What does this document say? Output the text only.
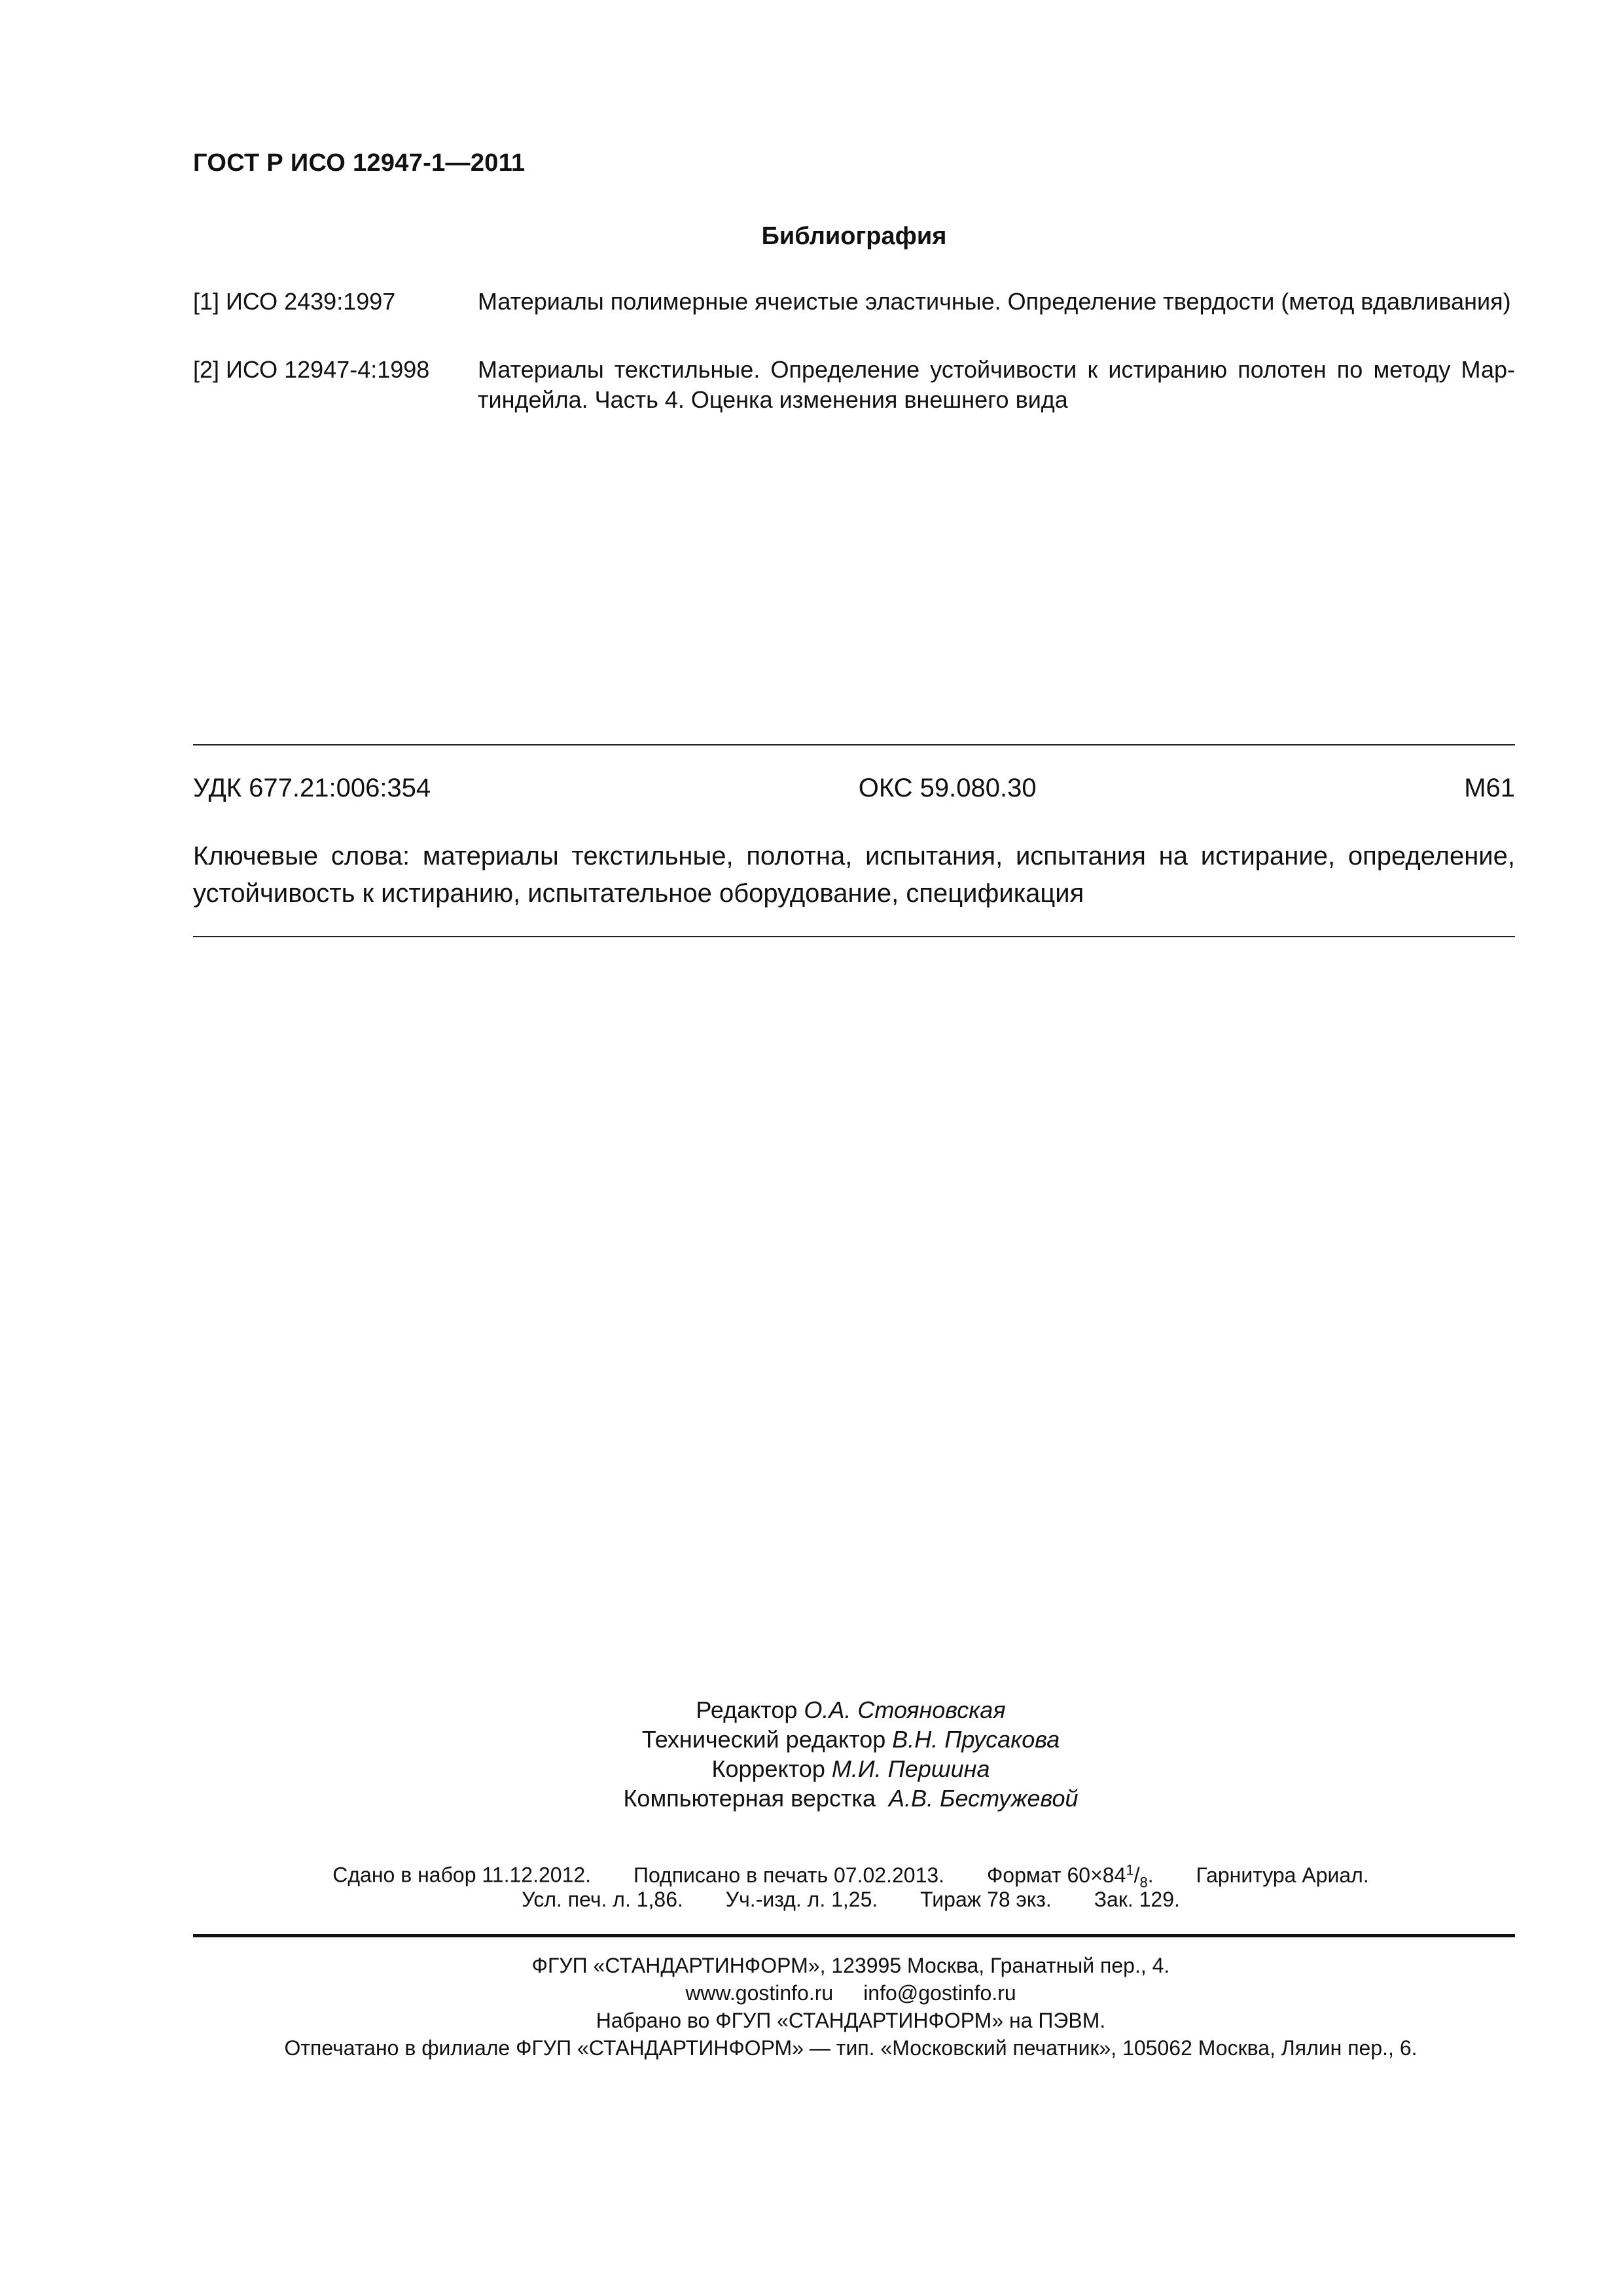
ГОСТ Р ИСО 12947-1—2011
Библиография
[1] ИСО 2439:1997	Материалы полимерные ячеистые эластичные. Определение твердости (метод вдавливания)
[2] ИСО 12947-4:1998	Материалы текстильные. Определение устойчивости к истиранию полотен по методу Мартиндейла. Часть 4. Оценка изменения внешнего вида
УДК 677.21:006:354	ОКС 59.080.30	М61
Ключевые слова: материалы текстильные, полотна, испытания, испытания на истирание, определение, устойчивость к истиранию, испытательное оборудование, спецификация
Редактор О.А. Стояновская
Технический редактор В.Н. Прусакова
Корректор М.И. Першина
Компьютерная верстка А.В. Бестужевой
Сдано в набор 11.12.2012. Подписано в печать 07.02.2013. Формат $60\times 84^1/_8$. Гарнитура Ариал.
Усл. печ. л. 1,86. Уч.-изд. л. 1,25. Тираж 78 экз. Зак. 129.
ФГУП «СТАНДАРТИНФОРМ», 123995 Москва, Гранатный пер., 4.
www.gostinfo.ru info@gostinfo.ru
Набрано во ФГУП «СТАНДАРТИНФОРМ» на ПЭВМ.
Отпечатано в филиале ФГУП «СТАНДАРТИНФОРМ» — тип. «Московский печатник», 105062 Москва, Лялин пер., 6.
